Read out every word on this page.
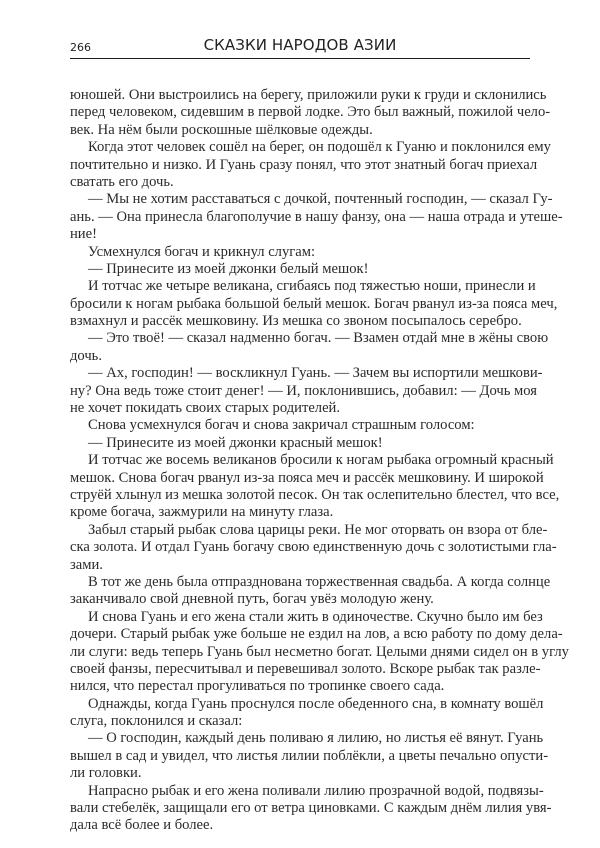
266	СКАЗКИ НАРОДОВ АЗИИ
юношей. Они выстроились на берегу, приложили руки к груди и склонились
перед человеком, сидевшим в первой лодке. Это был важный, пожилой чело-
век. На нём были роскошные шёлковые одежды.
Когда этот человек сошёл на берег, он подошёл к Гуаню и поклонился ему
почтительно и низко. И Гуань сразу понял, что этот знатный богач приехал
сватать его дочь.
— Мы не хотим расставаться с дочкой, почтенный господин, — сказал Гу-
ань. — Она принесла благополучие в нашу фанзу, она — наша отрада и утеше-
ние!
Усмехнулся богач и крикнул слугам:
— Принесите из моей джонки белый мешок!
И тотчас же четыре великана, сгибаясь под тяжестью ноши, принесли и
бросили к ногам рыбака большой белый мешок. Богач рванул из-за пояса меч,
взмахнул и рассёк мешковину. Из мешка со звоном посыпалось серебро.
— Это твоё! — сказал надменно богач. — Взамен отдай мне в жёны свою
дочь.
— Ах, господин! — воскликнул Гуань. — Зачем вы испортили мешкови-
ну? Она ведь тоже стоит денег! — И, поклонившись, добавил: — Дочь моя
не хочет покидать своих старых родителей.
Снова усмехнулся богач и снова закричал страшным голосом:
— Принесите из моей джонки красный мешок!
И тотчас же восемь великанов бросили к ногам рыбака огромный красный
мешок. Снова богач рванул из-за пояса меч и рассёк мешковину. И широкой
струёй хлынул из мешка золотой песок. Он так ослепительно блестел, что все,
кроме богача, зажмурили на минуту глаза.
Забыл старый рыбак слова царицы реки. Не мог оторвать он взора от бле-
ска золота. И отдал Гуань богачу свою единственную дочь с золотистыми гла-
зами.
В тот же день была отпразднована торжественная свадьба. А когда солнце
заканчивало свой дневной путь, богач увёз молодую жену.
И снова Гуань и его жена стали жить в одиночестве. Скучно было им без
дочери. Старый рыбак уже больше не ездил на лов, а всю работу по дому дела-
ли слуги: ведь теперь Гуань был несметно богат. Целыми днями сидел он в углу
своей фанзы, пересчитывал и перевешивал золото. Вскоре рыбак так разле-
нился, что перестал прогуливаться по тропинке своего сада.
Однажды, когда Гуань проснулся после обеденного сна, в комнату вошёл
слуга, поклонился и сказал:
— О господин, каждый день поливаю я лилию, но листья её вянут. Гуань
вышел в сад и увидел, что листья лилии поблёкли, а цветы печально опусти-
ли головки.
Напрасно рыбак и его жена поливали лилию прозрачной водой, подвязы-
вали стебелёк, защищали его от ветра циновками. С каждым днём лилия увя-
дала всё более и более.
